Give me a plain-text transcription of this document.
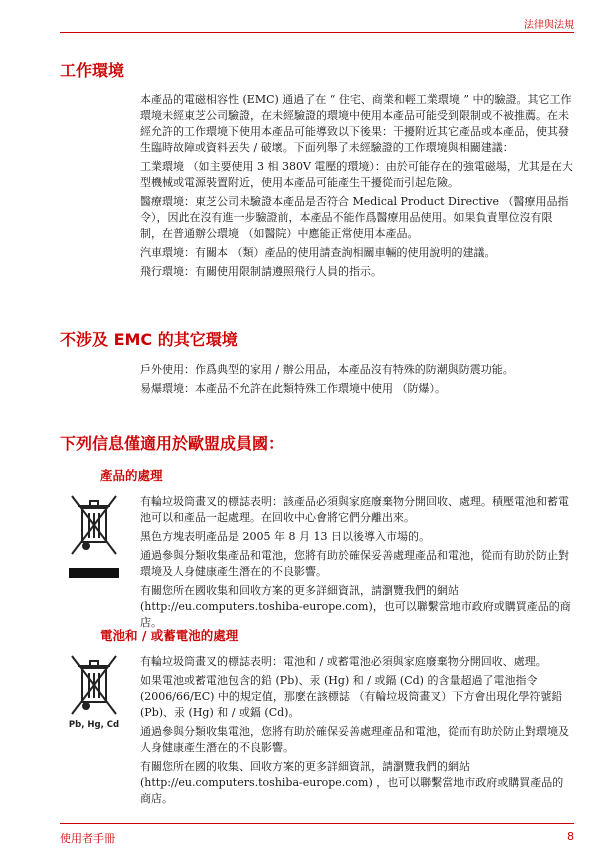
法律與法規
工作環境

本產品的電磁相容性 (EMC) 通過了在 “ 住宅、商業和輕工業環境 ” 中的驗證。其它工作環境未經東芝公司驗證，在未經驗證的環境中使用本產品可能受到限制或不被推薦。在未經允許的工作環境下使用本產品可能導致以下後果：干擾附近其它產品或本產品，使其發生臨時故障或資料丟失 / 破壞。下面列舉了未經驗證的工作環境與相關建議：

工業環境 （如主要使用 3 相 380V 電壓的環境）：由於可能存在的強電磁場，尤其是在大型機械或電源裝置附近，使用本產品可能產生干擾從而引起危險。

醫療環境：東芝公司未驗證本產品是否符合 Medical Product Directive （醫療用品指令），因此在沒有進一步驗證前，本產品不能作爲醫療用品使用。如果負責單位沒有限制，在普通辦公環境 （如醫院）中應能正常使用本產品。

汽車環境：有關本 （類）產品的使用請查詢相關車輛的使用說明的建議。

飛行環境：有關使用限制請遵照飛行人員的指示。

不涉及 EMC 的其它環境

戶外使用：作爲典型的家用 / 辦公用品，本產品沒有特殊的防潮與防震功能。

易爆環境：本產品不允許在此類特殊工作環境中使用 （防爆）。

下列信息僅適用於歐盟成員國：
產品的處理

有輪垃圾筒畫叉的標誌表明：該產品必須與家庭廢棄物分開回收、處理。積壓電池和蓄電池可以和產品一起處理。在回收中心會將它們分離出來。

黑色方塊表明產品是 2005 年 8 月 13 日以後導入市場的。

通過參與分類收集產品和電池，您將有助於確保妥善處理產品和電池，從而有助於防止對環境及人身健康產生潛在的不良影響。

有關您所在國收集和回收方案的更多詳細資訊，請瀏覽我們的網站 (http://eu.computers.toshiba-europe.com)，也可以聯繫當地市政府或購買產品的商店。

電池和 / 或蓄電池的處理
Pb, Hg, Cd

有輪垃圾筒畫叉的標誌表明：電池和 / 或蓄電池必須與家庭廢棄物分開回收、處理。

如果電池或蓄電池包含的鉛 (Pb)、汞 (Hg) 和 / 或鎘 (Cd) 的含量超過了電池指令 (2006/66/EC) 中的規定值，那麼在該標誌 （有輪垃圾筒畫叉）下方會出現化學符號鉛 (Pb)、汞 (Hg) 和 / 或鎘 (Cd)。

通過參與分類收集電池，您將有助於確保妥善處理產品和電池，從而有助於防止對環境及人身健康產生潛在的不良影響。

有關您所在國的收集、回收方案的更多詳細資訊，請瀏覽我們的網站 (http://eu.computers.toshiba-europe.com) ，也可以聯繫當地市政府或購買產品的商店。

使用者手冊	8
